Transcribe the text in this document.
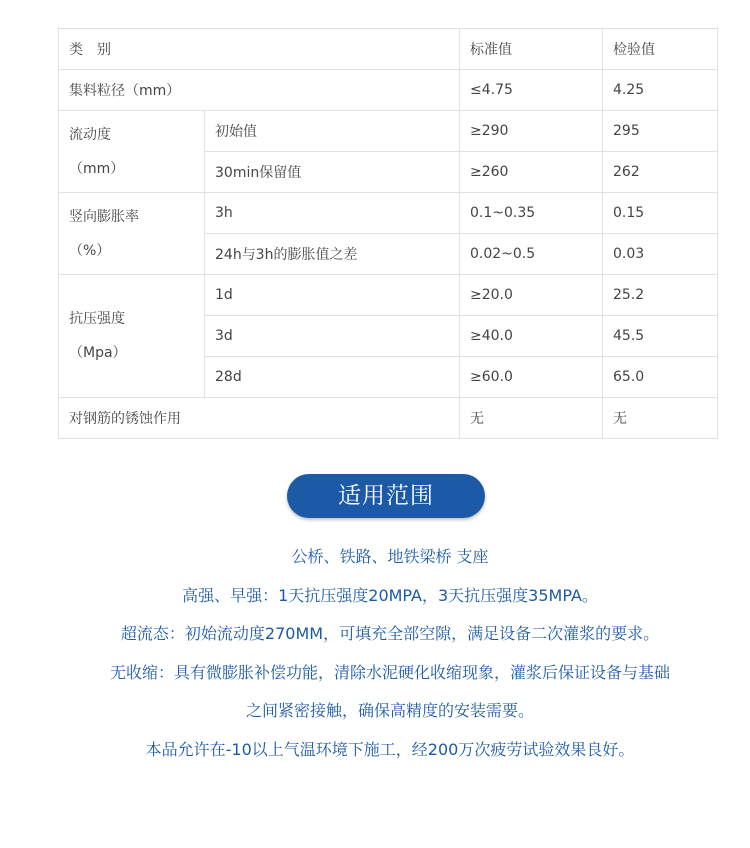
类　别		标准值	检验值
集料粒径（mm）		≤4.75	4.25

流动度
（mm）	初始值	≥290	295
	30min保留值	≥260	262

竖向膨胀率
（%）	3h	0.1~0.35	0.15
	24h与3h的膨胀值之差	0.02~0.5	0.03

抗压强度
（Mpa）	1d	≥20.0	25.2
	3d	≥40.0	45.5
	28d	≥60.0	65.0
对钢筋的锈蚀作用		无	无
适用范围
公桥、铁路、地铁梁桥 支座
高强、早强：1天抗压强度20MPA，3天抗压强度35MPA。
超流态：初始流动度270MM，可填充全部空隙，满足设备二次灌浆的要求。
无收缩：具有微膨胀补偿功能，清除水泥硬化收缩现象，灌浆后保证设备与基础
之间紧密接触，确保高精度的安装需要。
本品允许在-10以上气温环境下施工，经200万次疲劳试验效果良好。
